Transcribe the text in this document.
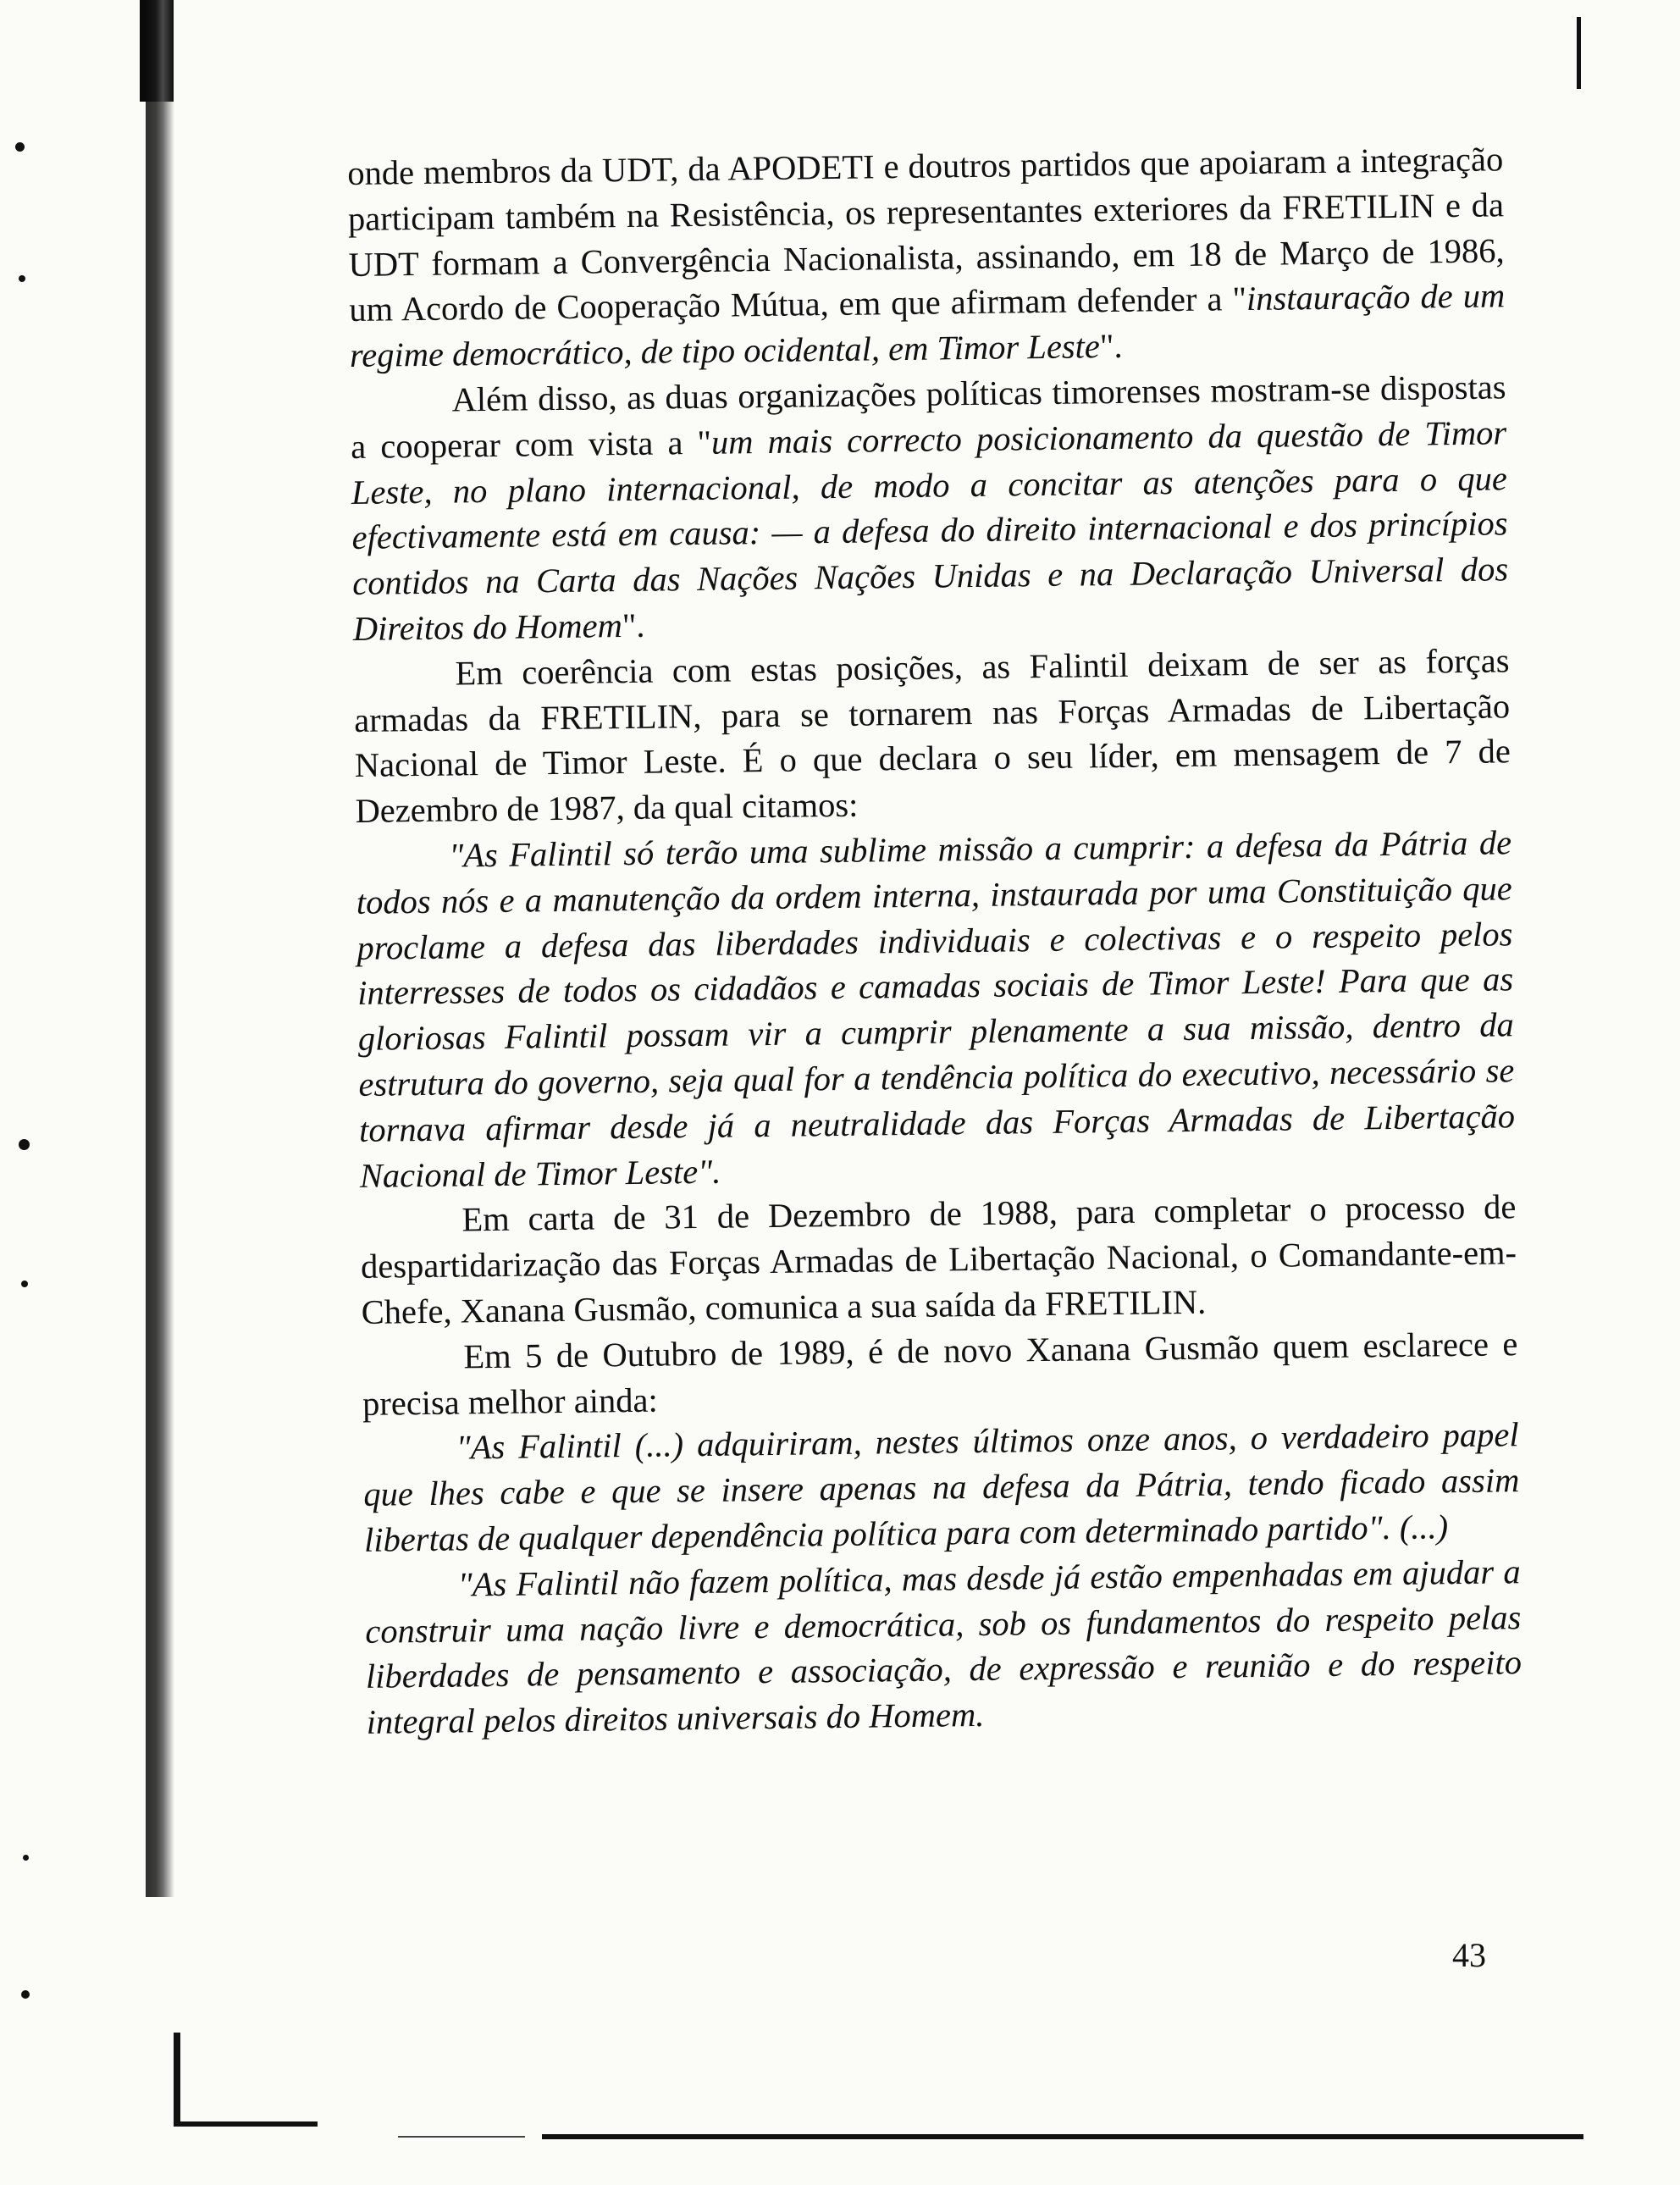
onde membros da UDT, da APODETI e doutros partidos que apoiaram a integração participam também na Resistência, os representantes exteriores da FRETILIN e da UDT formam a Convergência Nacionalista, assinando, em 18 de Março de 1986, um Acordo de Cooperação Mútua, em que afirmam defender a "instauração de um regime democrático, de tipo ocidental, em Timor Leste".

Além disso, as duas organizações políticas timorenses mostram-se dispostas a cooperar com vista a "um mais correcto posicionamento da questão de Timor Leste, no plano internacional, de modo a concitar as atenções para o que efectivamente está em causa: — a defesa do direito internacional e dos princípios contidos na Carta das Nações Nações Unidas e na Declaração Universal dos Direitos do Homem".

Em coerência com estas posições, as Falintil deixam de ser as forças armadas da FRETILIN, para se tornarem nas Forças Armadas de Libertação Nacional de Timor Leste. É o que declara o seu líder, em mensagem de 7 de Dezembro de 1987, da qual citamos:

"As Falintil só terão uma sublime missão a cumprir: a defesa da Pátria de todos nós e a manutenção da ordem interna, instaurada por uma Constituição que proclame a defesa das liberdades individuais e colectivas e o respeito pelos interresses de todos os cidadãos e camadas sociais de Timor Leste! Para que as gloriosas Falintil possam vir a cumprir plenamente a sua missão, dentro da estrutura do governo, seja qual for a tendência política do executivo, necessário se tornava afirmar desde já a neutralidade das Forças Armadas de Libertação Nacional de Timor Leste".

Em carta de 31 de Dezembro de 1988, para completar o processo de despartidarização das Forças Armadas de Libertação Nacional, o Comandante-em-Chefe, Xanana Gusmão, comunica a sua saída da FRETILIN.

Em 5 de Outubro de 1989, é de novo Xanana Gusmão quem esclarece e precisa melhor ainda:

"As Falintil (...) adquiriram, nestes últimos onze anos, o verdadeiro papel que lhes cabe e que se insere apenas na defesa da Pátria, tendo ficado assim libertas de qualquer dependência política para com determinado partido". (...)

"As Falintil não fazem política, mas desde já estão empenhadas em ajudar a construir uma nação livre e democrática, sob os fundamentos do respeito pelas liberdades de pensamento e associação, de expressão e reunião e do respeito integral pelos direitos universais do Homem.

43
